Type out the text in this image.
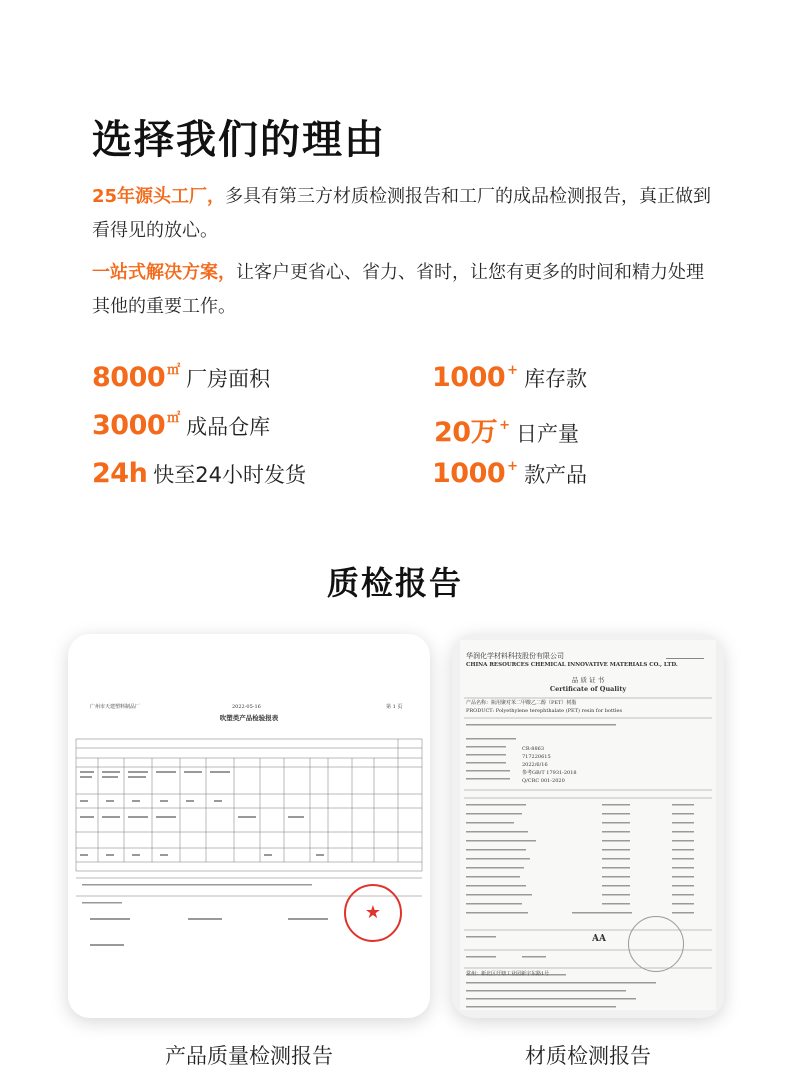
选择我们的理由
25年源头工厂，多具有第三方材质检测报告和工厂的成品检测报告，真正做到看得见的放心。
一站式解决方案，让客户更省心、省力、省时，让您有更多的时间和精力处理其他的重要工作。
8000 ㎡ 厂房面积	1000 + 库存款
3000 ㎡ 成品仓库	20万 + 日产量
24h 快至24小时发货	1000 + 款产品
质检报告
广州市天建塑料制品厂	2022-05-16	第 1 页
吹塑类产品检验报表
★
华润化学材料科技股份有限公司
CHINA RESOURCES CHEMICAL INNOVATIVE MATERIALS CO., LTD.
品 质 证 书
Certificate of Quality
产品名称：瓶用聚对苯二甲酸乙二醇（PET）树脂
PRODUCT: Polyethylene terephthalate (PET) resin for bottles
CR-8863
717220615
2022/6/16
参考GB/T 17931-2018
Q/CRC 001-2020
AA
常州：新北区圩塘工业园新宇东路1号
产品质量检测报告	材质检测报告
